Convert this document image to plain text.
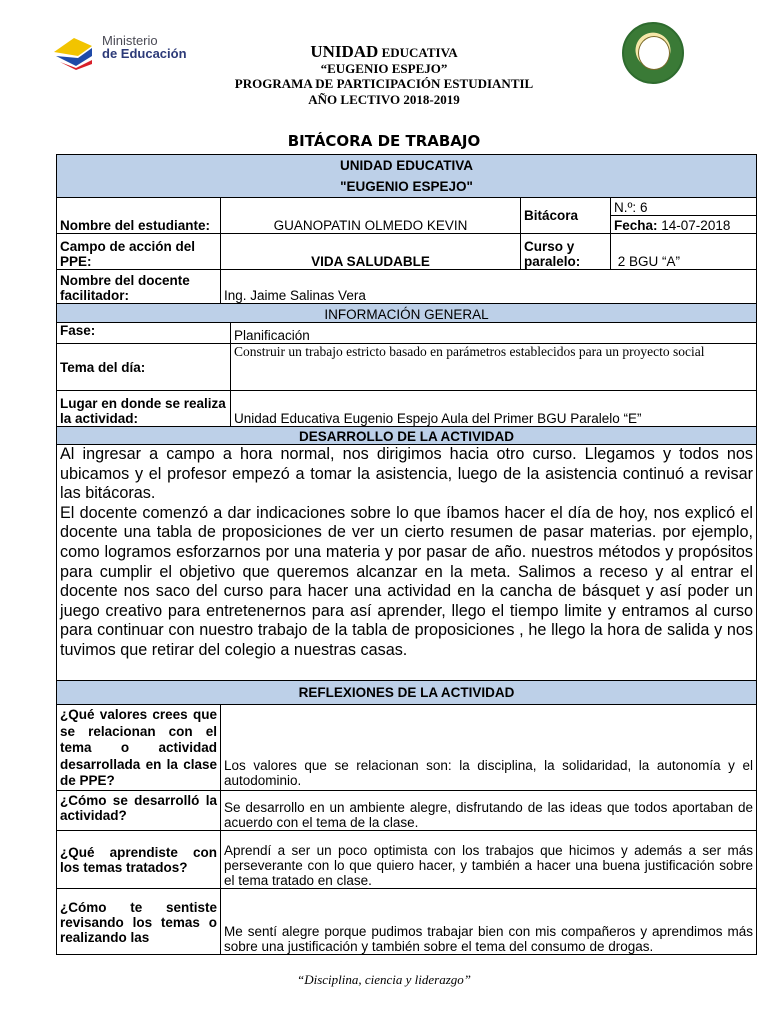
Ministerio
de Educación	UNIDAD EDUCATIVA
“EUGENIO ESPEJO”
PROGRAMA DE PARTICIPACIÓN ESTUDIANTIL
AÑO LECTIVO 2018-2019
BITÁCORA DE TRABAJO
UNIDAD EDUCATIVA
"EUGENIO ESPEJO"				

Nombre del estudiante:	GUANOPATIN OLMEDO KEVIN		Bitácora	N.º: 6
				Fecha: 14-07-2018
Campo de acción del PPE:	VIDA SALUDABLE		Curso y paralelo:	2 BGU “A”
Nombre del docente facilitador:	Ing. Jaime Salinas Vera			
INFORMACIÓN GENERAL				
Fase:		Planificación		
Tema del día:		Construir un trabajo estricto basado en parámetros establecidos para un proyecto social		
Lugar en donde se realiza la actividad:		Unidad Educativa Eugenio Espejo Aula del Primer BGU Paralelo “E”		
DESARROLLO DE LA ACTIVIDAD				

Al ingresar a campo a hora normal, nos dirigimos hacia otro curso. Llegamos y todos nos ubicamos y el profesor empezó a tomar la asistencia, luego de la asistencia continuó a revisar las bitácoras.
El docente comenzó a dar indicaciones sobre lo que íbamos hacer el día de hoy, nos explicó el docente una tabla de proposiciones de ver un cierto resumen de pasar materias. por ejemplo, como logramos esforzarnos por una materia y por pasar de año. nuestros métodos y propósitos para cumplir el objetivo que queremos alcanzar en la meta. Salimos a receso y al entrar el docente nos saco del curso para hacer una actividad en la cancha de básquet y así poder un juego creativo para entretenernos para así aprender, llego el tiempo limite y entramos al curso para continuar con nuestro trabajo de la tabla de proposiciones , he llego la hora de salida y nos tuvimos que retirar del colegio a nuestras casas.				

REFLEXIONES DE LA ACTIVIDAD				
¿Qué valores crees que se relacionan con el tema o actividad desarrollada en la clase de PPE?	Los valores que se relacionan son: la disciplina, la solidaridad, la autonomía y el autodominio.			
¿Cómo se desarrolló la actividad?	Se desarrollo en un ambiente alegre, disfrutando de las ideas que todos aportaban de acuerdo con el tema de la clase.			
¿Qué aprendiste con los temas tratados?	Aprendí a ser un poco optimista con los trabajos que hicimos y además a ser más perseverante con lo que quiero hacer, y también a hacer una buena justificación sobre el tema tratado en clase.			
¿Cómo te sentiste revisando los temas o realizando las	Me sentí alegre porque pudimos trabajar bien con mis compañeros y aprendimos más sobre una justificación y también sobre el tema del consumo de drogas.			
“Disciplina, ciencia y liderazgo”
